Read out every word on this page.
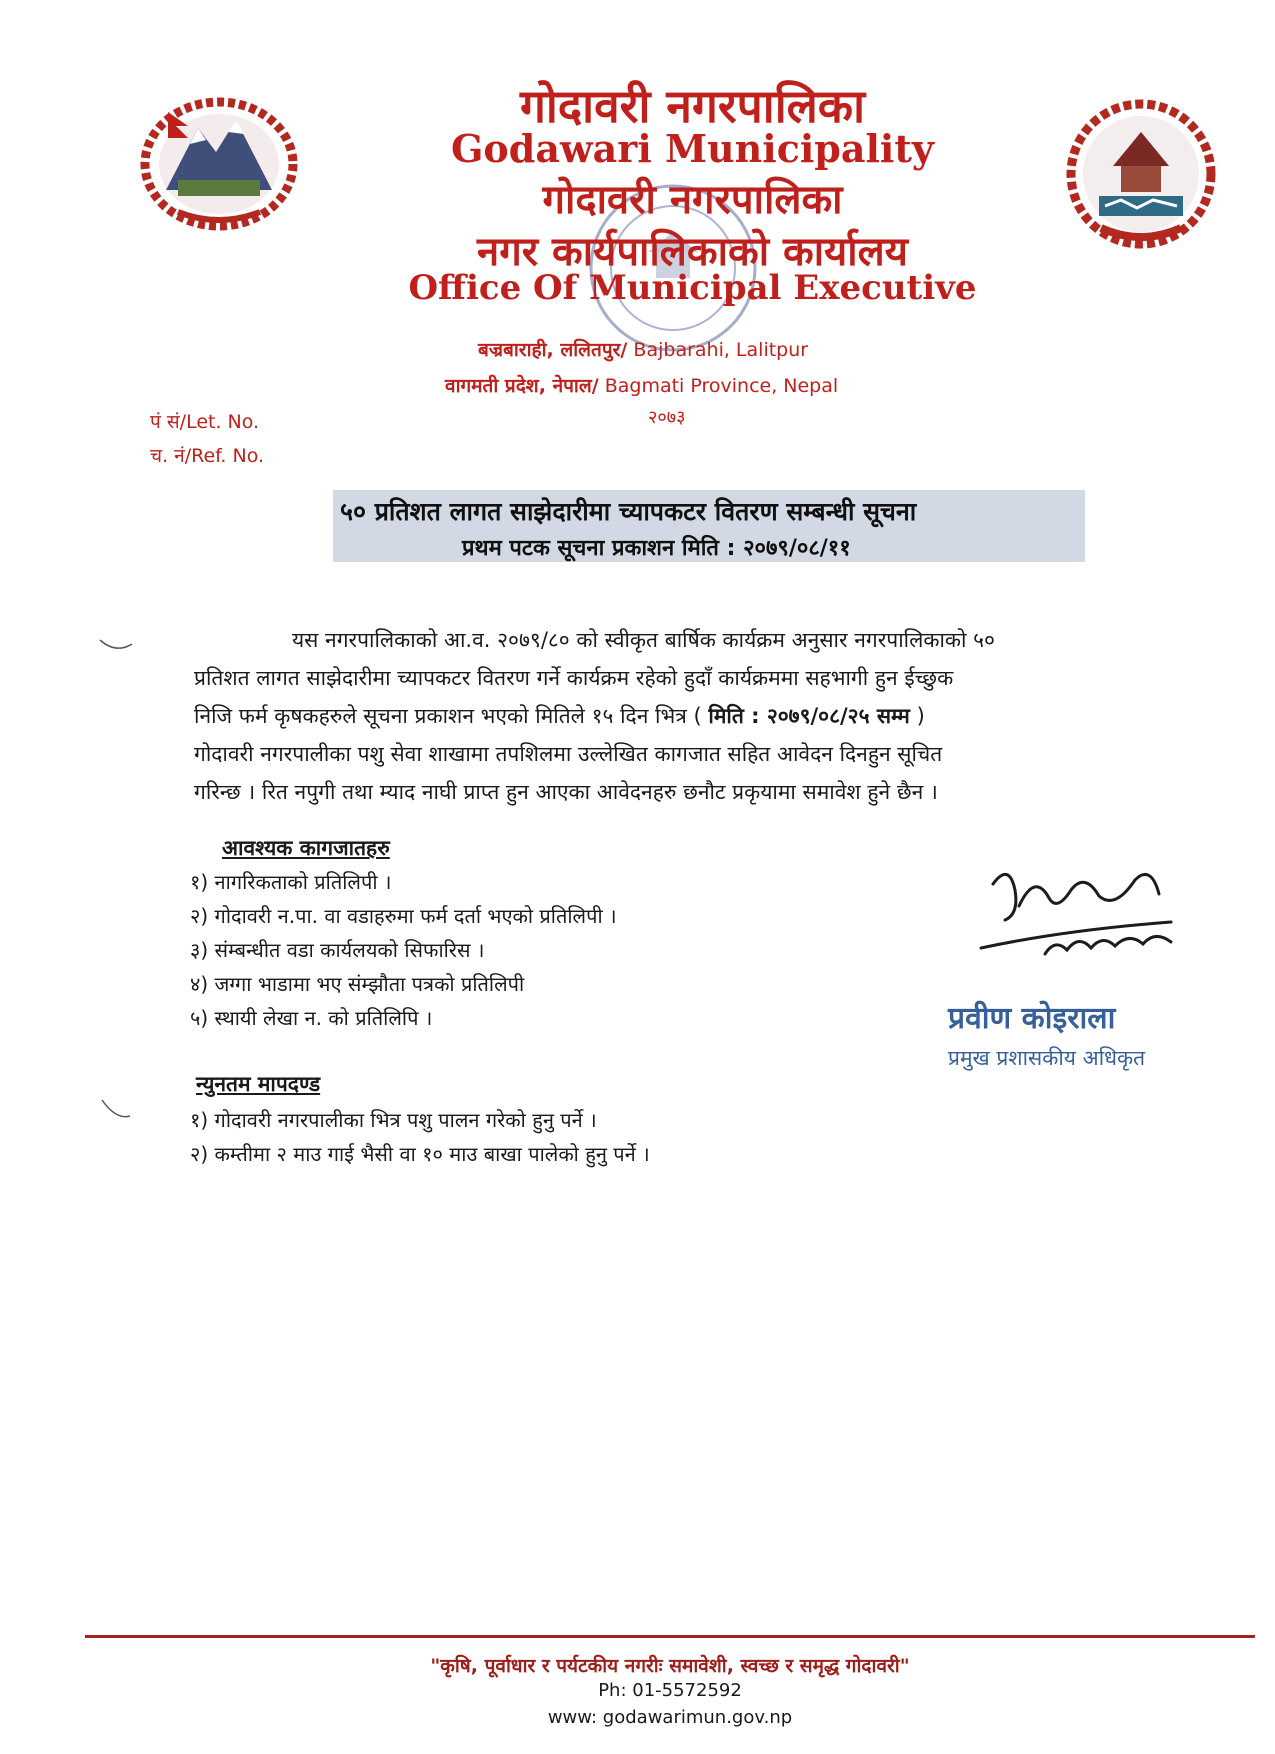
गोदावरी नगरपालिका
Godawari Municipality
गोदावरी नगरपालिका
नगर कार्यपालिकाको कार्यालय
Office Of Municipal Executive
बज्रबाराही, ललितपुर/ Bajbarahi, Lalitpur
वागमती प्रदेश, नेपाल/ Bagmati Province, Nepal
२०७३
पं सं/Let. No.
च. नं/Ref. No.
५० प्रतिशत लागत साझेदारीमा च्यापकटर वितरण सम्बन्धी सूचना
प्रथम पटक सूचना प्रकाशन मिति : २०७९/०८/११
यस नगरपालिकाको आ.व. २०७९/८० को स्वीकृत बार्षिक कार्यक्रम अनुसार नगरपालिकाको ५०
प्रतिशत लागत साझेदारीमा च्यापकटर वितरण गर्ने कार्यक्रम रहेको हुदाँ कार्यक्रममा सहभागी हुन ईच्छुक
निजि फर्म कृषकहरुले सूचना प्रकाशन भएको मितिले १५ दिन भित्र ( मिति : २०७९/०८/२५ सम्म )
गोदावरी नगरपालीका पशु सेवा शाखामा तपशिलमा उल्लेखित कागजात सहित आवेदन दिनहुन सूचित
गरिन्छ । रित नपुगी तथा म्याद नाघी प्राप्त हुन आएका आवेदनहरु छनौट प्रकृयामा समावेश हुने छैन ।
आवश्यक कागजातहरु
१) नागरिकताको प्रतिलिपी ।
२) गोदावरी न.पा. वा वडाहरुमा फर्म दर्ता भएको प्रतिलिपी ।
३) संम्बन्धीत वडा कार्यलयको सिफारिस ।
४) जग्गा भाडामा भए संम्झौता पत्रको प्रतिलिपी
५) स्थायी लेखा न. को प्रतिलिपि ।
न्युनतम मापदण्ड
१) गोदावरी नगरपालीका भित्र पशु पालन गरेको हुनु पर्ने ।
२) कम्तीमा २ माउ गाई भैसी वा १० माउ बाखा पालेको हुनु पर्ने ।
प्रवीण कोइराला
प्रमुख प्रशासकीय अधिकृत
"कृषि, पूर्वाधार र पर्यटकीय नगरीः समावेशी, स्वच्छ र समृद्ध गोदावरी"
Ph: 01-5572592
www: godawarimun.gov.np
